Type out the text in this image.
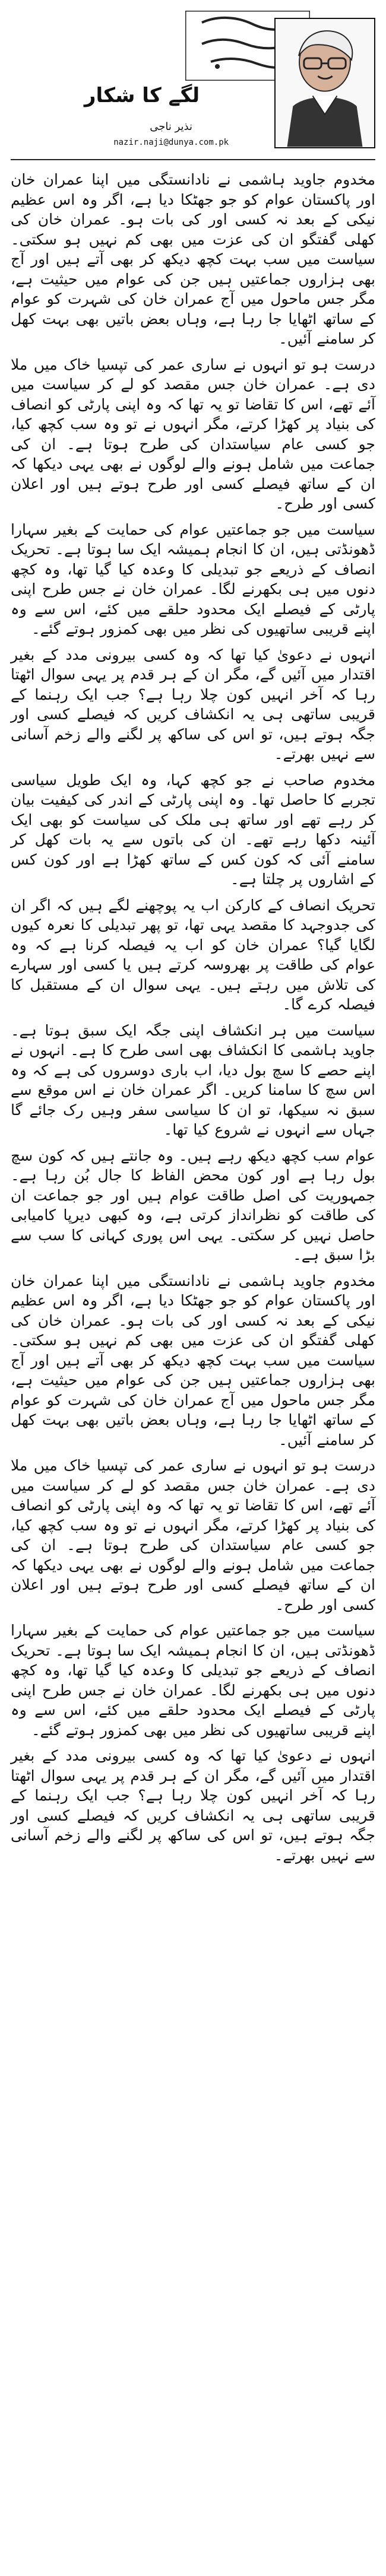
لگے کا شکار
نذیر ناجی
nazir.naji@dunya.com.pk

مخدوم جاوید ہاشمی نے نادانستگی میں اپنا عمران خان اور پاکستان عوام کو جو جھٹکا دیا ہے، اگر وہ اس عظیم نیکی کے بعد نہ کسی اور کی بات ہو۔ عمران خان کی کھلی گفتگو ان کی عزت میں بھی کم نہیں ہو سکتی۔ سیاست میں سب بہت کچھ دیکھ کر بھی آتے ہیں اور آج بھی ہزاروں جماعتیں ہیں جن کی عوام میں حیثیت ہے، مگر جس ماحول میں آج عمران خان کی شہرت کو عوام کے ساتھ اٹھایا جا رہا ہے، وہاں بعض باتیں بھی بہت کھل کر سامنے آئیں۔

درست ہو تو انہوں نے ساری عمر کی تپسیا خاک میں ملا دی ہے۔ عمران خان جس مقصد کو لے کر سیاست میں آئے تھے، اس کا تقاضا تو یہ تھا کہ وہ اپنی پارٹی کو انصاف کی بنیاد پر کھڑا کرتے، مگر انہوں نے تو وہ سب کچھ کیا، جو کسی عام سیاستدان کی طرح ہوتا ہے۔ ان کی جماعت میں شامل ہونے والے لوگوں نے بھی یہی دیکھا کہ ان کے ساتھ فیصلے کسی اور طرح ہوتے ہیں اور اعلان کسی اور طرح۔

سیاست میں جو جماعتیں عوام کی حمایت کے بغیر سہارا ڈھونڈتی ہیں، ان کا انجام ہمیشہ ایک سا ہوتا ہے۔ تحریک انصاف کے ذریعے جو تبدیلی کا وعدہ کیا گیا تھا، وہ کچھ دنوں میں ہی بکھرنے لگا۔ عمران خان نے جس طرح اپنی پارٹی کے فیصلے ایک محدود حلقے میں کئے، اس سے وہ اپنے قریبی ساتھیوں کی نظر میں بھی کمزور ہوتے گئے۔

انہوں نے دعویٰ کیا تھا کہ وہ کسی بیرونی مدد کے بغیر اقتدار میں آئیں گے، مگر ان کے ہر قدم پر یہی سوال اٹھتا رہا کہ آخر انہیں کون چلا رہا ہے؟ جب ایک رہنما کے قریبی ساتھی ہی یہ انکشاف کریں کہ فیصلے کسی اور جگہ ہوتے ہیں، تو اس کی ساکھ پر لگنے والے زخم آسانی سے نہیں بھرتے۔

مخدوم صاحب نے جو کچھ کہا، وہ ایک طویل سیاسی تجربے کا حاصل تھا۔ وہ اپنی پارٹی کے اندر کی کیفیت بیان کر رہے تھے اور ساتھ ہی ملک کی سیاست کو بھی ایک آئینہ دکھا رہے تھے۔ ان کی باتوں سے یہ بات کھل کر سامنے آئی کہ کون کس کے ساتھ کھڑا ہے اور کون کس کے اشاروں پر چلتا ہے۔

تحریک انصاف کے کارکن اب یہ پوچھنے لگے ہیں کہ اگر ان کی جدوجہد کا مقصد یہی تھا، تو پھر تبدیلی کا نعرہ کیوں لگایا گیا؟ عمران خان کو اب یہ فیصلہ کرنا ہے کہ وہ عوام کی طاقت پر بھروسہ کرتے ہیں یا کسی اور سہارے کی تلاش میں رہتے ہیں۔ یہی سوال ان کے مستقبل کا فیصلہ کرے گا۔

سیاست میں ہر انکشاف اپنی جگہ ایک سبق ہوتا ہے۔ جاوید ہاشمی کا انکشاف بھی اسی طرح کا ہے۔ انہوں نے اپنے حصے کا سچ بول دیا، اب باری دوسروں کی ہے کہ وہ اس سچ کا سامنا کریں۔ اگر عمران خان نے اس موقع سے سبق نہ سیکھا، تو ان کا سیاسی سفر وہیں رک جائے گا جہاں سے انہوں نے شروع کیا تھا۔

عوام سب کچھ دیکھ رہے ہیں۔ وہ جانتے ہیں کہ کون سچ بول رہا ہے اور کون محض الفاظ کا جال بُن رہا ہے۔ جمہوریت کی اصل طاقت عوام ہیں اور جو جماعت ان کی طاقت کو نظرانداز کرتی ہے، وہ کبھی دیرپا کامیابی حاصل نہیں کر سکتی۔ یہی اس پوری کہانی کا سب سے بڑا سبق ہے۔

مخدوم جاوید ہاشمی نے نادانستگی میں اپنا عمران خان اور پاکستان عوام کو جو جھٹکا دیا ہے، اگر وہ اس عظیم نیکی کے بعد نہ کسی اور کی بات ہو۔ عمران خان کی کھلی گفتگو ان کی عزت میں بھی کم نہیں ہو سکتی۔ سیاست میں سب بہت کچھ دیکھ کر بھی آتے ہیں اور آج بھی ہزاروں جماعتیں ہیں جن کی عوام میں حیثیت ہے، مگر جس ماحول میں آج عمران خان کی شہرت کو عوام کے ساتھ اٹھایا جا رہا ہے، وہاں بعض باتیں بھی بہت کھل کر سامنے آئیں۔

درست ہو تو انہوں نے ساری عمر کی تپسیا خاک میں ملا دی ہے۔ عمران خان جس مقصد کو لے کر سیاست میں آئے تھے، اس کا تقاضا تو یہ تھا کہ وہ اپنی پارٹی کو انصاف کی بنیاد پر کھڑا کرتے، مگر انہوں نے تو وہ سب کچھ کیا، جو کسی عام سیاستدان کی طرح ہوتا ہے۔ ان کی جماعت میں شامل ہونے والے لوگوں نے بھی یہی دیکھا کہ ان کے ساتھ فیصلے کسی اور طرح ہوتے ہیں اور اعلان کسی اور طرح۔

سیاست میں جو جماعتیں عوام کی حمایت کے بغیر سہارا ڈھونڈتی ہیں، ان کا انجام ہمیشہ ایک سا ہوتا ہے۔ تحریک انصاف کے ذریعے جو تبدیلی کا وعدہ کیا گیا تھا، وہ کچھ دنوں میں ہی بکھرنے لگا۔ عمران خان نے جس طرح اپنی پارٹی کے فیصلے ایک محدود حلقے میں کئے، اس سے وہ اپنے قریبی ساتھیوں کی نظر میں بھی کمزور ہوتے گئے۔

انہوں نے دعویٰ کیا تھا کہ وہ کسی بیرونی مدد کے بغیر اقتدار میں آئیں گے، مگر ان کے ہر قدم پر یہی سوال اٹھتا رہا کہ آخر انہیں کون چلا رہا ہے؟ جب ایک رہنما کے قریبی ساتھی ہی یہ انکشاف کریں کہ فیصلے کسی اور جگہ ہوتے ہیں، تو اس کی ساکھ پر لگنے والے زخم آسانی سے نہیں بھرتے۔
